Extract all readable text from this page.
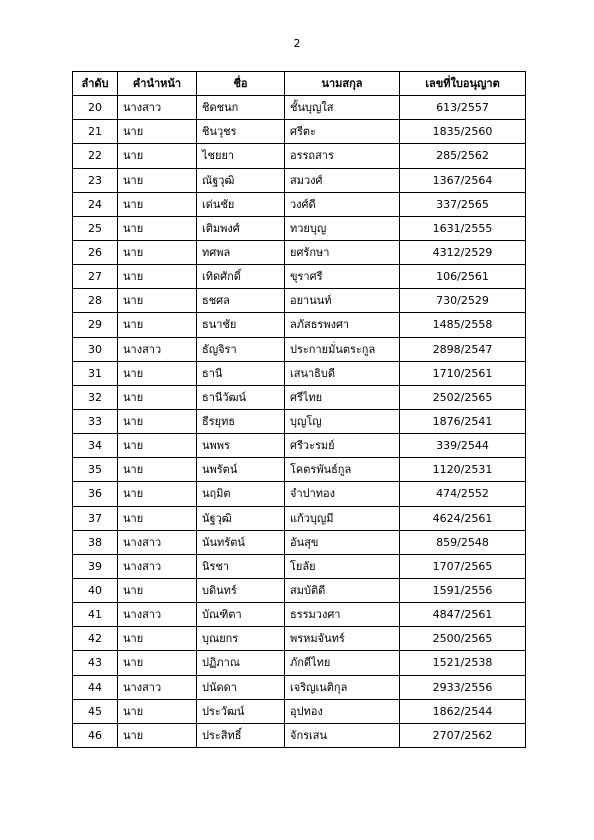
2
ลำดับ	คำนำหน้า	ชื่อ	นามสกุล	เลขที่ใบอนุญาต
20	นางสาว	ชิดชนก	ชั้นบุญใส	613/2557
21	นาย	ชินวุชร	ศรีตะ	1835/2560
22	นาย	ไชยยา	อรรถสาร	285/2562
23	นาย	ณัฐวุฒิ	สมวงศ์	1367/2564
24	นาย	เด่นชัย	วงศ์ดี	337/2565
25	นาย	เติมพงศ์	ทวยบุญ	1631/2555
26	นาย	ทศพล	ยศรักษา	4312/2529
27	นาย	เทิดศักดิ์	ขุราศรี	106/2561
28	นาย	ธชศล	อยานนท์	730/2529
29	นาย	ธนาชัย	ลภัสธรพงศา	1485/2558
30	นางสาว	ธัญจิรา	ประกายมั่นตระกูล	2898/2547
31	นาย	ธานี	เสนาธิบดี	1710/2561
32	นาย	ธานีวัฒน์	ศรีไทย	2502/2565
33	นาย	ธีรยุทธ	บุญโญ	1876/2541
34	นาย	นพพร	ศรีวะรมย์	339/2544
35	นาย	นพรัตน์	โคตรพันธ์กูล	1120/2531
36	นาย	นฤมิต	จำปาทอง	474/2552
37	นาย	นัฐวุฒิ	แก้วบุญมี	4624/2561
38	นางสาว	นันทรัตน์	อันสุข	859/2548
39	นางสาว	นิรชา	โยลัย	1707/2565
40	นาย	บดินทร์	สมบัติดี	1591/2556
41	นางสาว	บัณฑิตา	ธรรมวงศา	4847/2561
42	นาย	บุณยกร	พรหมจันทร์	2500/2565
43	นาย	ปฏิภาณ	ภักดีไทย	1521/2538
44	นางสาว	ปนัดดา	เจริญเนติกุล	2933/2556
45	นาย	ประวัฒน์	อุปทอง	1862/2544
46	นาย	ประสิทธิ์	จักรเสน	2707/2562
